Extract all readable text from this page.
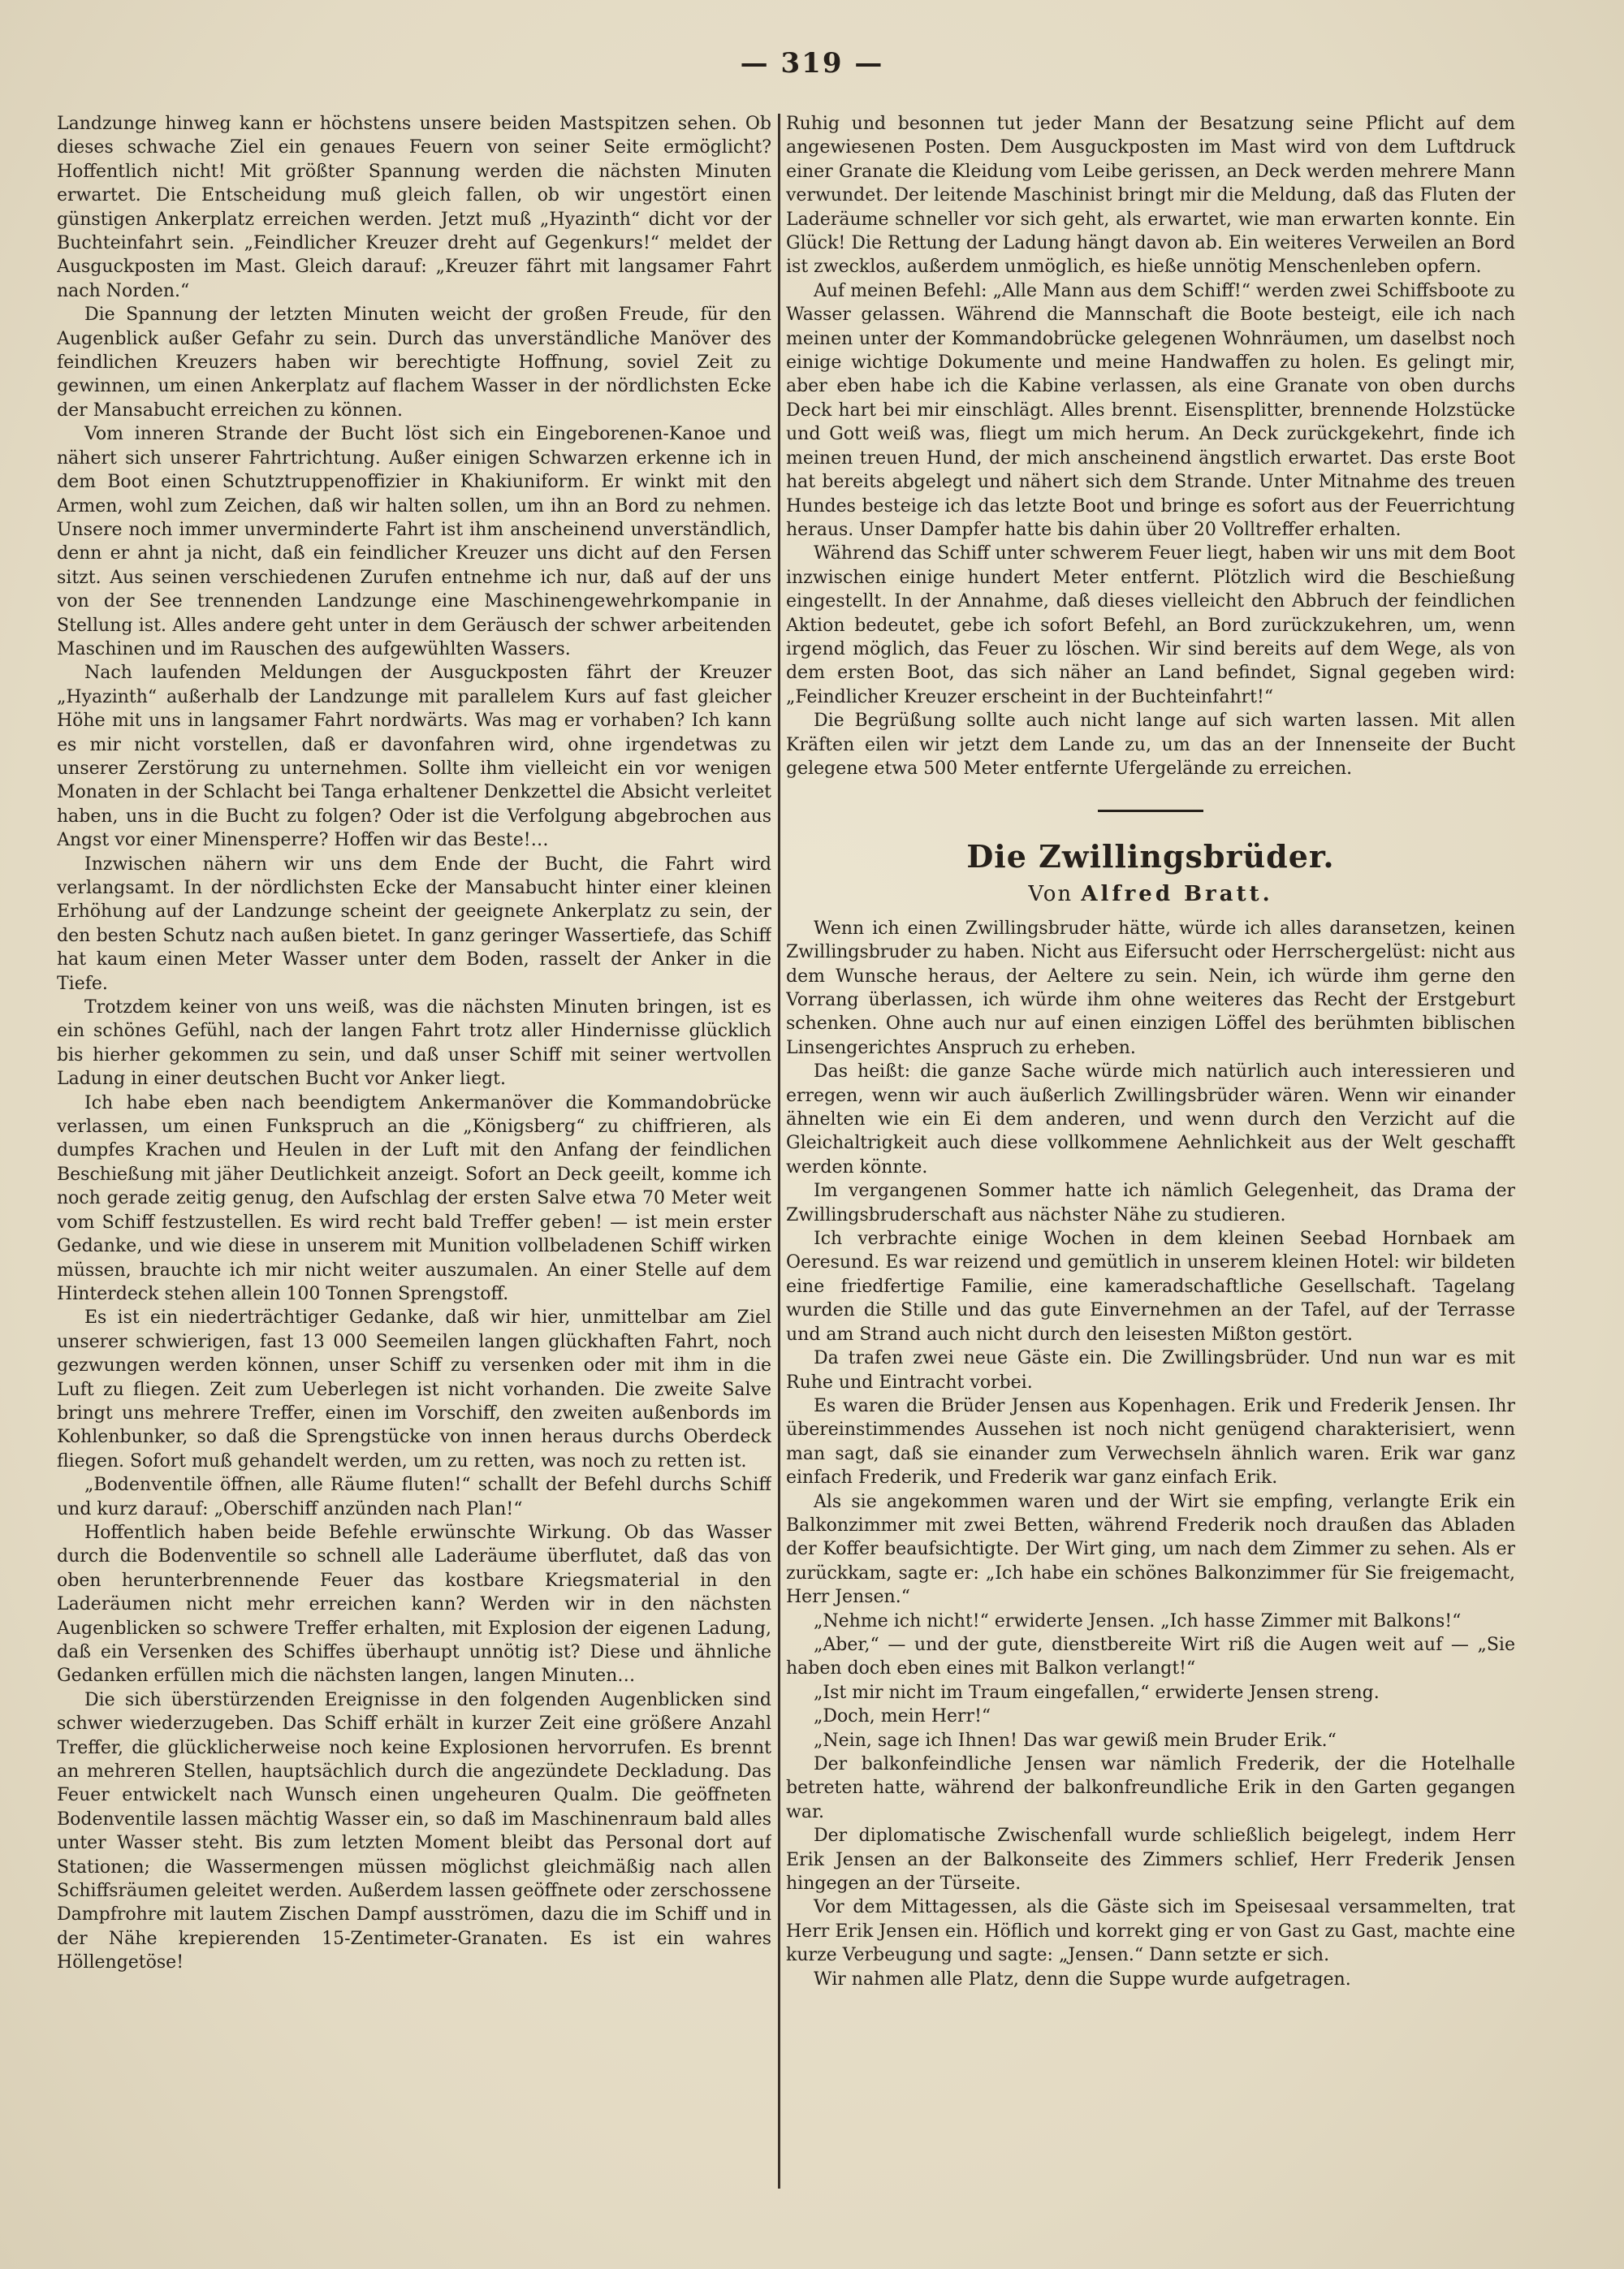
— 319 —

Landzunge hinweg kann er höchstens unsere beiden Mastspitzen sehen. Ob dieses schwache Ziel ein genaues Feuern von seiner Seite ermöglicht? Hoffentlich nicht! Mit größter Spannung werden die nächsten Minuten erwartet. Die Entscheidung muß gleich fallen, ob wir ungestört einen günstigen Ankerplatz erreichen werden. Jetzt muß „Hyazinth“ dicht vor der Buchteinfahrt sein. „Feindlicher Kreuzer dreht auf Gegenkurs!“ meldet der Ausguckposten im Mast. Gleich darauf: „Kreuzer fährt mit langsamer Fahrt nach Norden.“

Die Spannung der letzten Minuten weicht der großen Freude, für den Augenblick außer Gefahr zu sein. Durch das unverständliche Manöver des feindlichen Kreuzers haben wir berechtigte Hoffnung, soviel Zeit zu gewinnen, um einen Ankerplatz auf flachem Wasser in der nördlichsten Ecke der Mansabucht erreichen zu können.

Vom inneren Strande der Bucht löst sich ein Eingeborenen-Kanoe und nähert sich unserer Fahrtrichtung. Außer einigen Schwarzen erkenne ich in dem Boot einen Schutztruppenoffizier in Khakiuniform. Er winkt mit den Armen, wohl zum Zeichen, daß wir halten sollen, um ihn an Bord zu nehmen. Unsere noch immer unverminderte Fahrt ist ihm anscheinend unverständlich, denn er ahnt ja nicht, daß ein feindlicher Kreuzer uns dicht auf den Fersen sitzt. Aus seinen verschiedenen Zurufen entnehme ich nur, daß auf der uns von der See trennenden Landzunge eine Maschinengewehrkompanie in Stellung ist. Alles andere geht unter in dem Geräusch der schwer arbeitenden Maschinen und im Rauschen des aufgewühlten Wassers.

Nach laufenden Meldungen der Ausguckposten fährt der Kreuzer „Hyazinth“ außerhalb der Landzunge mit parallelem Kurs auf fast gleicher Höhe mit uns in langsamer Fahrt nordwärts. Was mag er vorhaben? Ich kann es mir nicht vorstellen, daß er davonfahren wird, ohne irgendetwas zu unserer Zerstörung zu unternehmen. Sollte ihm vielleicht ein vor wenigen Monaten in der Schlacht bei Tanga erhaltener Denkzettel die Absicht verleitet haben, uns in die Bucht zu folgen? Oder ist die Verfolgung abgebrochen aus Angst vor einer Minensperre? Hoffen wir das Beste!…

Inzwischen nähern wir uns dem Ende der Bucht, die Fahrt wird verlangsamt. In der nördlichsten Ecke der Mansabucht hinter einer kleinen Erhöhung auf der Landzunge scheint der geeignete Ankerplatz zu sein, der den besten Schutz nach außen bietet. In ganz geringer Wassertiefe, das Schiff hat kaum einen Meter Wasser unter dem Boden, rasselt der Anker in die Tiefe.

Trotzdem keiner von uns weiß, was die nächsten Minuten bringen, ist es ein schönes Gefühl, nach der langen Fahrt trotz aller Hindernisse glücklich bis hierher gekommen zu sein, und daß unser Schiff mit seiner wertvollen Ladung in einer deutschen Bucht vor Anker liegt.

Ich habe eben nach beendigtem Ankermanöver die Kommandobrücke verlassen, um einen Funkspruch an die „Königsberg“ zu chiffrieren, als dumpfes Krachen und Heulen in der Luft mit den Anfang der feindlichen Beschießung mit jäher Deutlichkeit anzeigt. Sofort an Deck geeilt, komme ich noch gerade zeitig genug, den Aufschlag der ersten Salve etwa 70 Meter weit vom Schiff festzustellen. Es wird recht bald Treffer geben! — ist mein erster Gedanke, und wie diese in unserem mit Munition vollbeladenen Schiff wirken müssen, brauchte ich mir nicht weiter auszumalen. An einer Stelle auf dem Hinterdeck stehen allein 100 Tonnen Sprengstoff.

Es ist ein niederträchtiger Gedanke, daß wir hier, unmittelbar am Ziel unserer schwierigen, fast 13 000 Seemeilen langen glückhaften Fahrt, noch gezwungen werden können, unser Schiff zu versenken oder mit ihm in die Luft zu fliegen. Zeit zum Ueberlegen ist nicht vorhanden. Die zweite Salve bringt uns mehrere Treffer, einen im Vorschiff, den zweiten außenbords im Kohlenbunker, so daß die Sprengstücke von innen heraus durchs Oberdeck fliegen. Sofort muß gehandelt werden, um zu retten, was noch zu retten ist.

„Bodenventile öffnen, alle Räume fluten!“ schallt der Befehl durchs Schiff und kurz darauf: „Oberschiff anzünden nach Plan!“

Hoffentlich haben beide Befehle erwünschte Wirkung. Ob das Wasser durch die Bodenventile so schnell alle Laderäume überflutet, daß das von oben herunterbrennende Feuer das kostbare Kriegsmaterial in den Laderäumen nicht mehr erreichen kann? Werden wir in den nächsten Augenblicken so schwere Treffer erhalten, mit Explosion der eigenen Ladung, daß ein Versenken des Schiffes überhaupt unnötig ist? Diese und ähnliche Gedanken erfüllen mich die nächsten langen, langen Minuten…

Die sich überstürzenden Ereignisse in den folgenden Augenblicken sind schwer wiederzugeben. Das Schiff erhält in kurzer Zeit eine größere Anzahl Treffer, die glücklicherweise noch keine Explosionen hervorrufen. Es brennt an mehreren Stellen, hauptsächlich durch die angezündete Deckladung. Das Feuer entwickelt nach Wunsch einen ungeheuren Qualm. Die geöffneten Bodenventile lassen mächtig Wasser ein, so daß im Maschinenraum bald alles unter Wasser steht. Bis zum letzten Moment bleibt das Personal dort auf Stationen; die Wassermengen müssen möglichst gleichmäßig nach allen Schiffsräumen geleitet werden. Außerdem lassen geöffnete oder zerschossene Dampfrohre mit lautem Zischen Dampf ausströmen, dazu die im Schiff und in der Nähe krepierenden 15-Zentimeter-Granaten. Es ist ein wahres Höllengetöse!

Ruhig und besonnen tut jeder Mann der Besatzung seine Pflicht auf dem angewiesenen Posten. Dem Ausguckposten im Mast wird von dem Luftdruck einer Granate die Kleidung vom Leibe gerissen, an Deck werden mehrere Mann verwundet. Der leitende Maschinist bringt mir die Meldung, daß das Fluten der Laderäume schneller vor sich geht, als erwartet, wie man erwarten konnte. Ein Glück! Die Rettung der Ladung hängt davon ab. Ein weiteres Verweilen an Bord ist zwecklos, außerdem unmöglich, es hieße unnötig Menschenleben opfern.

Auf meinen Befehl: „Alle Mann aus dem Schiff!“ werden zwei Schiffsboote zu Wasser gelassen. Während die Mannschaft die Boote besteigt, eile ich nach meinen unter der Kommandobrücke gelegenen Wohnräumen, um daselbst noch einige wichtige Dokumente und meine Handwaffen zu holen. Es gelingt mir, aber eben habe ich die Kabine verlassen, als eine Granate von oben durchs Deck hart bei mir einschlägt. Alles brennt. Eisensplitter, brennende Holzstücke und Gott weiß was, fliegt um mich herum. An Deck zurückgekehrt, finde ich meinen treuen Hund, der mich anscheinend ängstlich erwartet. Das erste Boot hat bereits abgelegt und nähert sich dem Strande. Unter Mitnahme des treuen Hundes besteige ich das letzte Boot und bringe es sofort aus der Feuerrichtung heraus. Unser Dampfer hatte bis dahin über 20 Volltreffer erhalten.

Während das Schiff unter schwerem Feuer liegt, haben wir uns mit dem Boot inzwischen einige hundert Meter entfernt. Plötzlich wird die Beschießung eingestellt. In der Annahme, daß dieses vielleicht den Abbruch der feindlichen Aktion bedeutet, gebe ich sofort Befehl, an Bord zurückzukehren, um, wenn irgend möglich, das Feuer zu löschen. Wir sind bereits auf dem Wege, als von dem ersten Boot, das sich näher an Land befindet, Signal gegeben wird: „Feindlicher Kreuzer erscheint in der Buchteinfahrt!“

Die Begrüßung sollte auch nicht lange auf sich warten lassen. Mit allen Kräften eilen wir jetzt dem Lande zu, um das an der Innenseite der Bucht gelegene etwa 500 Meter entfernte Ufergelände zu erreichen.

Die Zwillingsbrüder.
Von Alfred Bratt.

Wenn ich einen Zwillingsbruder hätte, würde ich alles daransetzen, keinen Zwillingsbruder zu haben. Nicht aus Eifersucht oder Herrschergelüst: nicht aus dem Wunsche heraus, der Aeltere zu sein. Nein, ich würde ihm gerne den Vorrang überlassen, ich würde ihm ohne weiteres das Recht der Erstgeburt schenken. Ohne auch nur auf einen einzigen Löffel des berühmten biblischen Linsengerichtes Anspruch zu erheben.

Das heißt: die ganze Sache würde mich natürlich auch interessieren und erregen, wenn wir auch äußerlich Zwillingsbrüder wären. Wenn wir einander ähnelten wie ein Ei dem anderen, und wenn durch den Verzicht auf die Gleichaltrigkeit auch diese vollkommene Aehnlichkeit aus der Welt geschafft werden könnte.

Im vergangenen Sommer hatte ich nämlich Gelegenheit, das Drama der Zwillingsbruderschaft aus nächster Nähe zu studieren.

Ich verbrachte einige Wochen in dem kleinen Seebad Hornbaek am Oeresund. Es war reizend und gemütlich in unserem kleinen Hotel: wir bildeten eine friedfertige Familie, eine kameradschaftliche Gesellschaft. Tagelang wurden die Stille und das gute Einvernehmen an der Tafel, auf der Terrasse und am Strand auch nicht durch den leisesten Mißton gestört.

Da trafen zwei neue Gäste ein. Die Zwillingsbrüder. Und nun war es mit Ruhe und Eintracht vorbei.

Es waren die Brüder Jensen aus Kopenhagen. Erik und Frederik Jensen. Ihr übereinstimmendes Aussehen ist noch nicht genügend charakterisiert, wenn man sagt, daß sie einander zum Verwechseln ähnlich waren. Erik war ganz einfach Frederik, und Frederik war ganz einfach Erik.

Als sie angekommen waren und der Wirt sie empfing, verlangte Erik ein Balkonzimmer mit zwei Betten, während Frederik noch draußen das Abladen der Koffer beaufsichtigte. Der Wirt ging, um nach dem Zimmer zu sehen. Als er zurückkam, sagte er: „Ich habe ein schönes Balkonzimmer für Sie freigemacht, Herr Jensen.“

„Nehme ich nicht!“ erwiderte Jensen. „Ich hasse Zimmer mit Balkons!“

„Aber,“ — und der gute, dienstbereite Wirt riß die Augen weit auf — „Sie haben doch eben eines mit Balkon verlangt!“

„Ist mir nicht im Traum eingefallen,“ erwiderte Jensen streng.

„Doch, mein Herr!“

„Nein, sage ich Ihnen! Das war gewiß mein Bruder Erik.“

Der balkonfeindliche Jensen war nämlich Frederik, der die Hotelhalle betreten hatte, während der balkonfreundliche Erik in den Garten gegangen war.

Der diplomatische Zwischenfall wurde schließlich beigelegt, indem Herr Erik Jensen an der Balkonseite des Zimmers schlief, Herr Frederik Jensen hingegen an der Türseite.

Vor dem Mittagessen, als die Gäste sich im Speisesaal versammelten, trat Herr Erik Jensen ein. Höflich und korrekt ging er von Gast zu Gast, machte eine kurze Verbeugung und sagte: „Jensen.“ Dann setzte er sich.

Wir nahmen alle Platz, denn die Suppe wurde aufgetragen.
